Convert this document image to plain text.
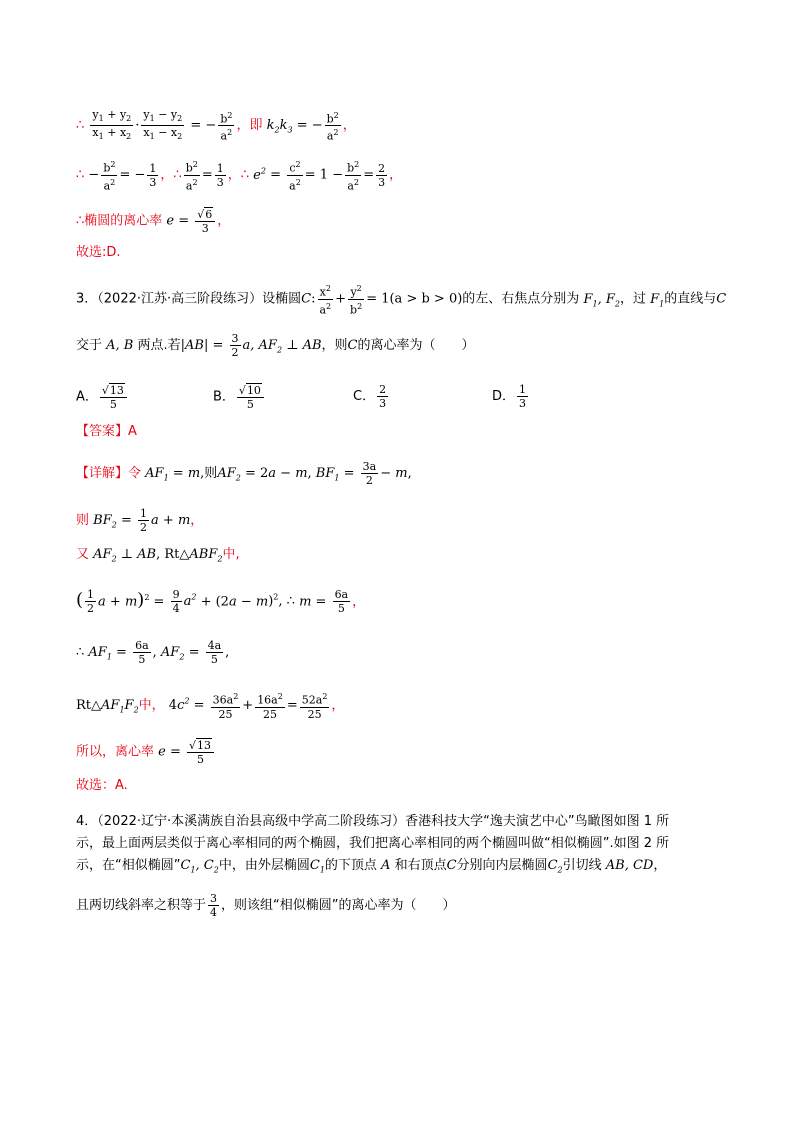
∴ $\frac{y_1 + y_2}{x_1 + x_2} \cdot \frac{y_1 - y_2}{x_1 - x_2}$ = − $\frac{b^2}{a^2}$ ，即 $k_2k_3$ = − $\frac{b^2}{a^2}$ ，
∴ − $\frac{b^2}{a^2}$ = − $\frac{1}{3}$ ，∴ $\frac{b^2}{a^2} = \frac{1}{3}$ ，∴ $e^2 = \frac{c^2}{a^2} = 1 - \frac{b^2}{a^2} = \frac{2}{3}$ ，
∴椭圆的离心率 $e = \frac{√6}{3}$ ，
故选:D.
3．（2022·江苏·高三阶段练习）设椭圆C: $\frac{x^2}{a^2} + \frac{y^2}{b^2} = 1(a > b > 0)$的左、右焦点分别为 $F_1$, $F_2$，过 $F_1$的直线与C
交于 A, B 两点.若$|AB| = \frac{3}{2} a$, $AF_2$ ⊥ AB，则C的离心率为（　　）
A． $\frac{√13}{5}$	B． $\frac{√10}{5}$	C． $\frac{2}{3}$	D． $\frac{1}{3}$
【答案】A
【详解】令 $AF_1 = m$,则$AF_2 = 2a - m$, $BF_1 = \frac{3a}{2} - m$,
则 $BF_2 = \frac{1}{2}$ a + m，
又 $AF_2$ ⊥ AB, $Rt\triangle ABF_2$中,
( $\frac{1}{2}$ $a + m)^2 = \frac{9}{4} a^2 + (2a - m)^2$, ∴ $m = \frac{6a}{5}$ ，
∴ $AF_1 = \frac{6a}{5}$ , $AF_2 = \frac{4a}{5}$ ,
$Rt\triangle AF_1F_2$中， $4c^2 = \frac{36a^2}{25} + \frac{16a^2}{25} = \frac{52a^2}{25}$ ，
所以，离心率 $e = \frac{√13}{5}$
故选：A.
4．（2022·辽宁·本溪满族自治县高级中学高二阶段练习）香港科技大学“逸夫演艺中心”鸟瞰图如图 1 所
示，最上面两层类似于离心率相同的两个椭圆，我们把离心率相同的两个椭圆叫做“相似椭圆”.如图 2 所
示，在“相似椭圆$”C_1$, $C_2$中，由外层椭圆$C_1$的下顶点 A 和右顶点C分别向内层椭圆$C_2$引切线 AB, CD，
且两切线斜率之积等于 $\frac{3}{4}$ ，则该组“相似椭圆”的离心率为（　　）
